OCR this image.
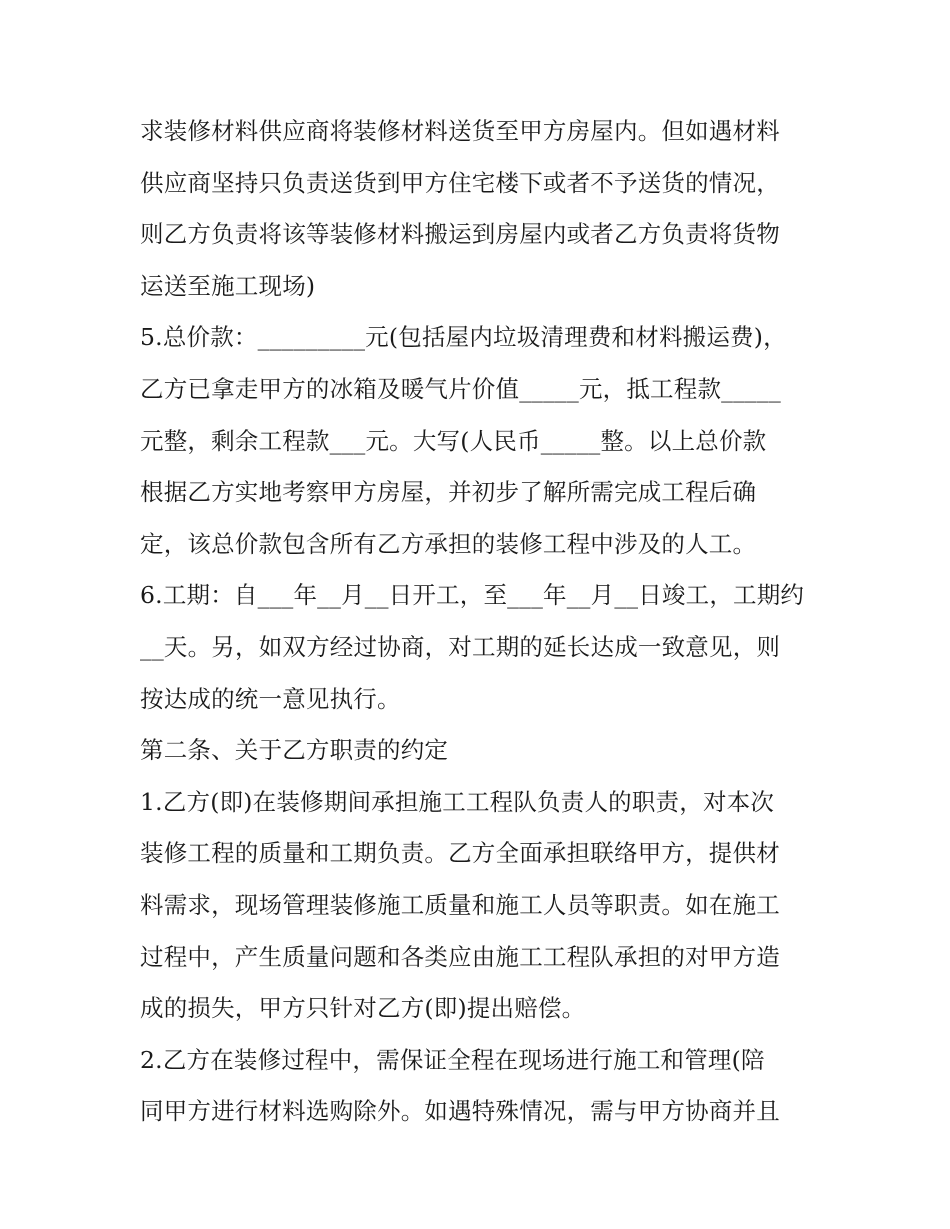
求装修材料供应商将装修材料送货至甲方房屋内。但如遇材料
供应商坚持只负责送货到甲方住宅楼下或者不予送货的情况，
则乙方负责将该等装修材料搬运到房屋内或者乙方负责将货物
运送至施工现场)
5.总价款：_________元(包括屋内垃圾清理费和材料搬运费)，
乙方已拿走甲方的冰箱及暖气片价值_____元，抵工程款_____
元整，剩余工程款___元。大写(人民币_____整。以上总价款
根据乙方实地考察甲方房屋，并初步了解所需完成工程后确
定，该总价款包含所有乙方承担的装修工程中涉及的人工。
6.工期：自___年__月__日开工，至___年__月__日竣工，工期约
__天。另，如双方经过协商，对工期的延长达成一致意见，则
按达成的统一意见执行。
第二条、关于乙方职责的约定
1.乙方(即)在装修期间承担施工工程队负责人的职责，对本次
装修工程的质量和工期负责。乙方全面承担联络甲方，提供材
料需求，现场管理装修施工质量和施工人员等职责。如在施工
过程中，产生质量问题和各类应由施工工程队承担的对甲方造
成的损失，甲方只针对乙方(即)提出赔偿。
2.乙方在装修过程中，需保证全程在现场进行施工和管理(陪
同甲方进行材料选购除外。如遇特殊情况，需与甲方协商并且
